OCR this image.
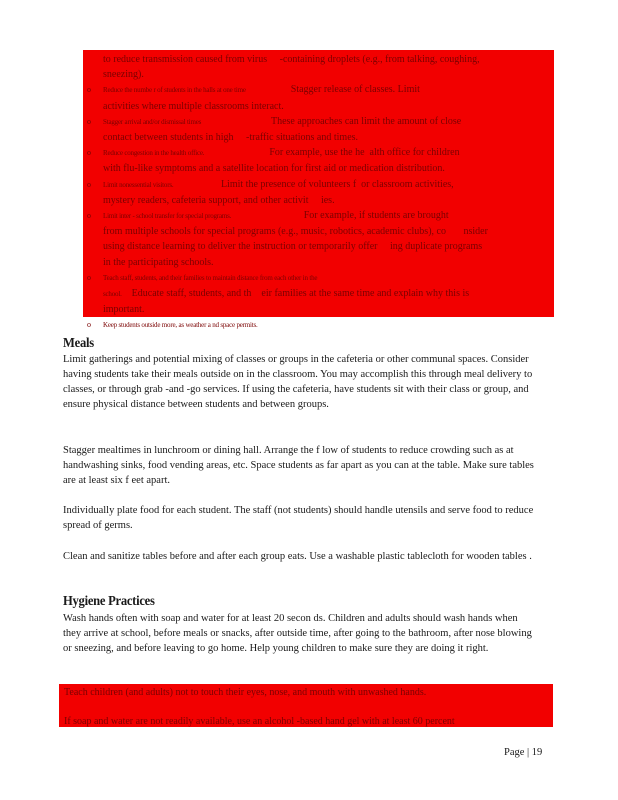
to reduce transmission caused from virus     -containing droplets (e.g., from talking, coughing,
sneezing).
o Reduce the numbe r of students in the halls at one time                  Stagger release of classes. Limit
activities where multiple classrooms interact.
o Stagger arrival and/or dismissal times                            These approaches can limit the amount of close
contact between students in high     -traffic situations and times.
o Reduce congestion in the health office.                          For example, use the he  alth office for children
with flu-like symptoms and a satellite location for first aid or medication distribution.
o Limit nonessential visitors.                   Limit the presence of volunteers f  or classroom activities,
mystery readers, cafeteria support, and other activit     ies.
o Limit inter - school transfer for special programs.                             For example, if students are brought
from multiple schools for special programs (e.g., music, robotics, academic clubs), co       nsider
using distance learning to deliver the instruction or temporarily offer     ing duplicate programs
in the participating schools.
o Teach staff, students, and their families to maintain distance from each other in the
school.    Educate staff, students, and th    eir families at the same time and explain why this is
important.
o Keep students outside more, as weather a nd space permits.
Meals

Limit gatherings and potential mixing of classes or groups in the cafeteria or other communal spaces. Consider having students take their meals outside on in the classroom. You may accomplish this through meal delivery to classes, or through grab -and -go services. If using the cafeteria, have students sit with their class or group, and ensure physical distance between students and between groups.

Stagger mealtimes in lunchroom or dining hall. Arrange the f low of students to reduce crowding such as at handwashing sinks, food vending areas, etc. Space students as far apart as you can at the table. Make sure tables are at least six f eet apart.

Individually plate food for each student. The staff (not students) should handle utensils and serve food to reduce spread of germs.

Clean and sanitize tables before and after each group eats. Use a washable plastic tablecloth for wooden tables .

Hygiene Practices

Wash hands often with soap and water for at least 20 secon ds. Children and adults should wash hands when they arrive at school, before meals or snacks, after outside time, after going to the bathroom, after nose blowing or sneezing, and before leaving to go home. Help young children to make sure they are doing it right.

Teach children (and adults) not to touch their eyes, nose, and mouth with unwashed hands.
If soap and water are not readily available, use an alcohol -based hand gel with at least 60 percent
Page | 19
